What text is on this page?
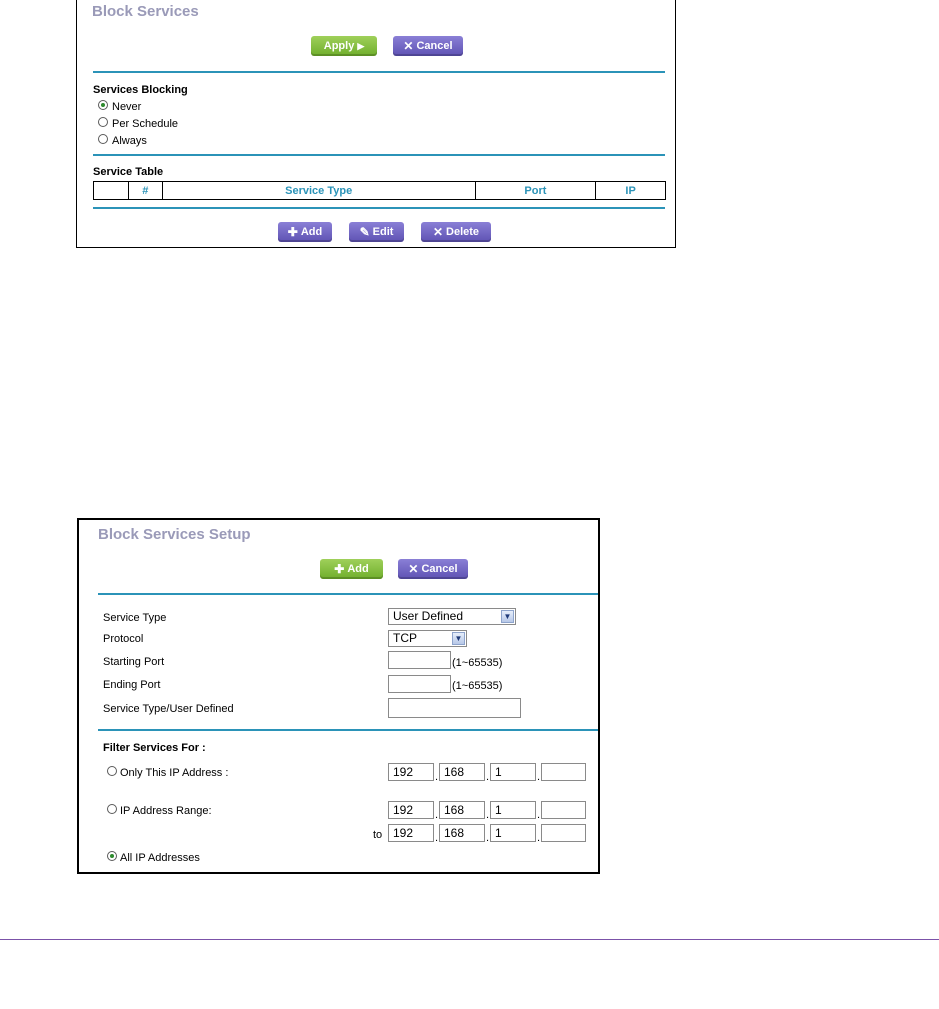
Block Services
Apply ▶	✕ Cancel
Services Blocking
Never
Per Schedule
Always
Service Table
	#	Service Type	Port	IP
✚ Add	✎ Edit	✕ Delete
Block Services Setup
✚ Add	✕ Cancel
Service Type	User Defined	▼
Protocol	TCP	▼
Starting Port	(1~65535)
Ending Port	(1~65535)
Service Type/User Defined
Filter Services For :
Only This IP Address :	192	. 168	. 1	.
IP Address Range:	192	. 168	. 1	.
to 192	. 168	. 1	.
All IP Addresses
